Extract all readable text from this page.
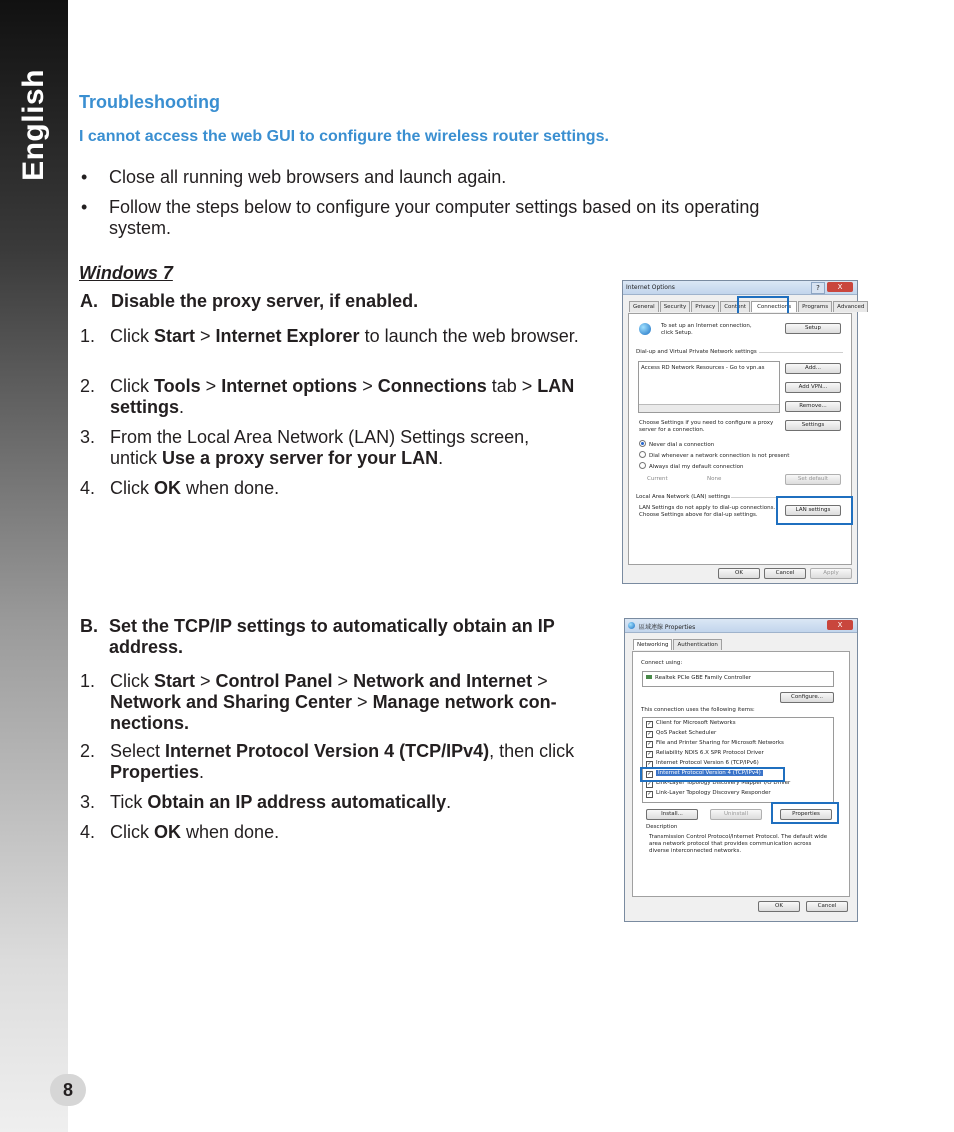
English
8
Troubleshooting
I cannot access the web GUI to configure the wireless router settings.
• Close all running web browsers and launch again.
• Follow the steps below to configure your computer settings based on its operating
system.
Windows 7
A. Disable the proxy server, if enabled.
1. Click Start > Internet Explorer to launch the web browser.
2. Click Tools > Internet options > Connections tab > LAN settings.
3. From the Local Area Network (LAN) Settings screen, untick Use a proxy server for your LAN.
4. Click OK when done.
B. Set the TCP/IP settings to automatically obtain an IP address.
1. Click Start > Control Panel > Network and Internet > Network and Sharing Center > Manage network con-nections.
2. Select Internet Protocol Version 4 (TCP/IPv4), then click Properties.
3. Tick Obtain an IP address automatically.
4. Click OK when done.
Internet Options	?	X
General	Security	Privacy	Content	Connections	Programs	Advanced
To set up an Internet connection, click Setup.
Setup
Dial-up and Virtual Private Network settings
Access RD Network Resources - Go to vpn.as	Add...
Add VPN...
Remove...
Choose Settings if you need to configure a proxy server for a connection.
Settings
Never dial a connection
Dial whenever a network connection is not present
Always dial my default connection
Current	None	Set default
Local Area Network (LAN) settings
LAN Settings do not apply to dial-up connections. Choose Settings above for dial-up settings.
LAN settings
OK	Cancel	Apply
區域連線 Properties	X
Networking	Authentication
Connect using:
Realtek PCIe GBE Family Controller
Configure...
This connection uses the following items:
✓ Client for Microsoft Networks
✓ QoS Packet Scheduler
✓ File and Printer Sharing for Microsoft Networks
✓ Reliability NDIS 6.X SPR Protocol Driver
✓ Internet Protocol Version 6 (TCP/IPv6)
✓ Internet Protocol Version 4 (TCP/IPv4)
✓ Link-Layer Topology Discovery Mapper I/O Driver
✓ Link-Layer Topology Discovery Responder
Install...	Uninstall	Properties
Description
Transmission Control Protocol/Internet Protocol. The default wide area network protocol that provides communication across diverse interconnected networks.
OK	Cancel
